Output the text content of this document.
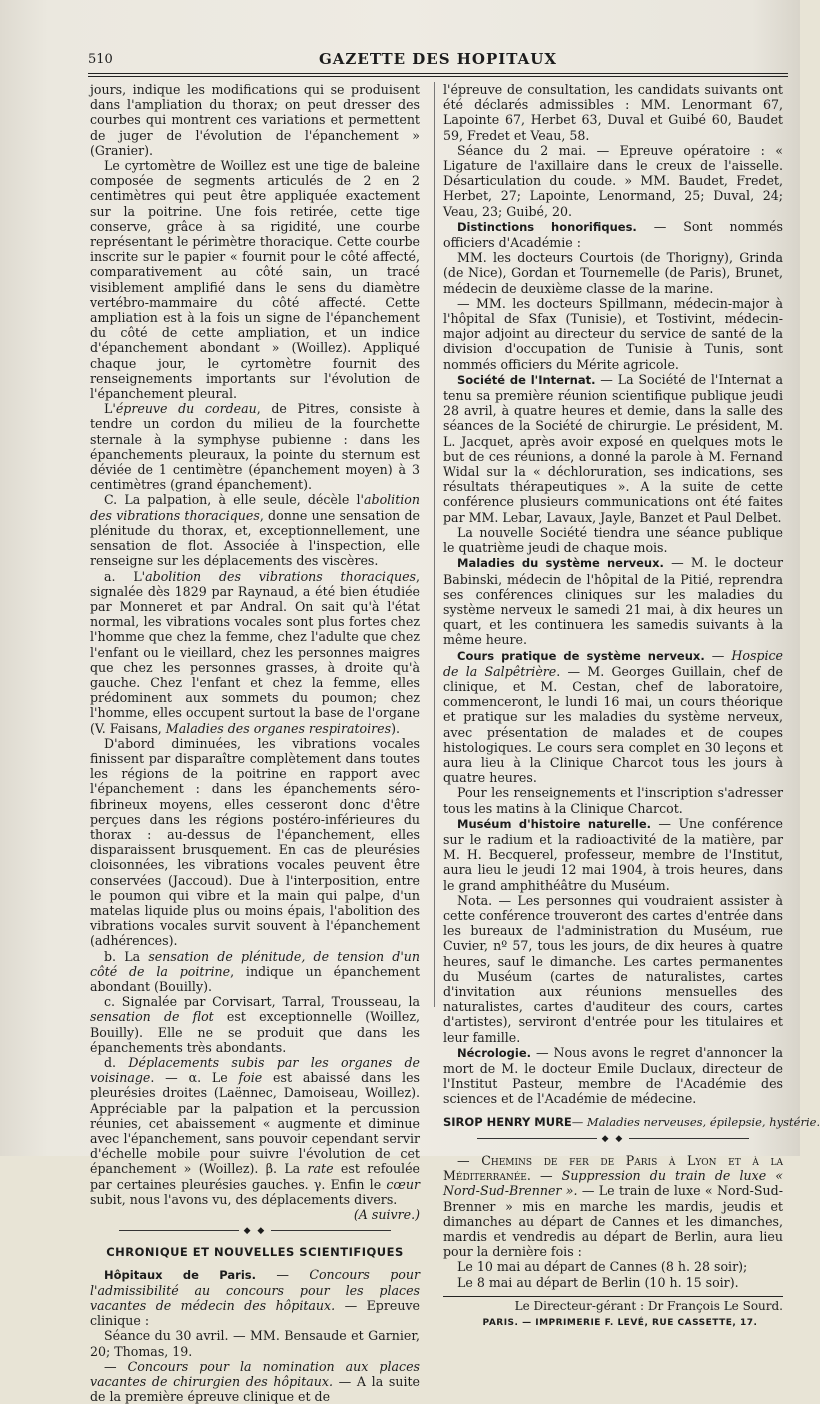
510	GAZETTE DES HOPITAUX

jours, indique les modifications qui se produisent dans l'ampliation du thorax; on peut dresser des courbes qui montrent ces variations et permettent de juger de l'évolution de l'épanchement » (Granier).

Le cyrtomètre de Woillez est une tige de baleine composée de segments articulés de 2 en 2 centimètres qui peut être appliquée exactement sur la poitrine. Une fois retirée, cette tige conserve, grâce à sa rigidité, une courbe représentant le périmètre thoracique. Cette courbe inscrite sur le papier « fournit pour le côté affecté, comparativement au côté sain, un tracé visiblement amplifié dans le sens du diamètre vertébro-mammaire du côté affecté. Cette ampliation est à la fois un signe de l'épanchement du côté de cette ampliation, et un indice d'épanchement abondant » (Woillez). Appliqué chaque jour, le cyrtomètre fournit des renseignements importants sur l'évolution de l'épanchement pleural.

L'épreuve du cordeau, de Pitres, consiste à tendre un cordon du milieu de la fourchette sternale à la symphyse pubienne : dans les épanchements pleuraux, la pointe du sternum est déviée de 1 centimètre (épanchement moyen) à 3 centimètres (grand épanchement).

C. La palpation, à elle seule, décèle l'abolition des vibrations thoraciques, donne une sensation de plénitude du thorax, et, exceptionnellement, une sensation de flot. Associée à l'inspection, elle renseigne sur les déplacements des viscères.

a. L'abolition des vibrations thoraciques, signalée dès 1829 par Raynaud, a été bien étudiée par Monneret et par Andral. On sait qu'à l'état normal, les vibrations vocales sont plus fortes chez l'homme que chez la femme, chez l'adulte que chez l'enfant ou le vieillard, chez les personnes maigres que chez les personnes grasses, à droite qu'à gauche. Chez l'enfant et chez la femme, elles prédominent aux sommets du poumon; chez l'homme, elles occupent surtout la base de l'organe (V. Faisans, Maladies des organes respiratoires).

D'abord diminuées, les vibrations vocales finissent par disparaître complètement dans toutes les régions de la poitrine en rapport avec l'épanchement : dans les épanchements séro-fibrineux moyens, elles cesseront donc d'être perçues dans les régions postéro-inférieures du thorax : au-dessus de l'épanchement, elles disparaissent brusquement. En cas de pleurésies cloisonnées, les vibrations vocales peuvent être conservées (Jaccoud). Due à l'interposition, entre le poumon qui vibre et la main qui palpe, d'un matelas liquide plus ou moins épais, l'abolition des vibrations vocales survit souvent à l'épanchement (adhérences).

b. La sensation de plénitude, de tension d'un côté de la poitrine, indique un épanchement abondant (Bouilly).

c. Signalée par Corvisart, Tarral, Trousseau, la sensation de flot est exceptionnelle (Woillez, Bouilly). Elle ne se produit que dans les épanchements très abondants.

d. Déplacements subis par les organes de voisinage. — α. Le foie est abaissé dans les pleurésies droites (Laënnec, Damoiseau, Woillez). Appréciable par la palpation et la percussion réunies, cet abaissement « augmente et diminue avec l'épanchement, sans pouvoir cependant servir d'échelle mobile pour suivre l'évolution de cet épanchement » (Woillez). β. La rate est refoulée par certaines pleurésies gauches. γ. Enfin le cœur subit, nous l'avons vu, des déplacements divers.

(A suivre.)

◆ ◆
CHRONIQUE ET NOUVELLES SCIENTIFIQUES

Hôpitaux de Paris. — Concours pour l'admissibilité au concours pour les places vacantes de médecin des hôpitaux. — Epreuve clinique :

Séance du 30 avril. — MM. Bensaude et Garnier, 20; Thomas, 19.

— Concours pour la nomination aux places vacantes de chirurgien des hôpitaux. — A la suite de la première épreuve clinique et de

l'épreuve de consultation, les candidats suivants ont été déclarés admissibles : MM. Lenormant 67, Lapointe 67, Herbet 63, Duval et Guibé 60, Baudet 59, Fredet et Veau, 58.

Séance du 2 mai. — Epreuve opératoire : « Ligature de l'axillaire dans le creux de l'aisselle. Désarticulation du coude. » MM. Baudet, Fredet, Herbet, 27; Lapointe, Lenormand, 25; Duval, 24; Veau, 23; Guibé, 20.

Distinctions honorifiques. — Sont nommés officiers d'Académie :

MM. les docteurs Courtois (de Thorigny), Grinda (de Nice), Gordan et Tournemelle (de Paris), Brunet, médecin de deuxième classe de la marine.

— MM. les docteurs Spillmann, médecin-major à l'hôpital de Sfax (Tunisie), et Tostivint, médecin-major adjoint au directeur du service de santé de la division d'occupation de Tunisie à Tunis, sont nommés officiers du Mérite agricole.

Société de l'Internat. — La Société de l'Internat a tenu sa première réunion scientifique publique jeudi 28 avril, à quatre heures et demie, dans la salle des séances de la Société de chirurgie. Le président, M. L. Jacquet, après avoir exposé en quelques mots le but de ces réunions, a donné la parole à M. Fernand Widal sur la « déchloruration, ses indications, ses résultats thérapeutiques ». A la suite de cette conférence plusieurs communications ont été faites par MM. Lebar, Lavaux, Jayle, Banzet et Paul Delbet.

La nouvelle Société tiendra une séance publique le quatrième jeudi de chaque mois.

Maladies du système nerveux. — M. le docteur Babinski, médecin de l'hôpital de la Pitié, reprendra ses conférences cliniques sur les maladies du système nerveux le samedi 21 mai, à dix heures un quart, et les continuera les samedis suivants à la même heure.

Cours pratique de système nerveux. — Hospice de la Salpêtrière. — M. Georges Guillain, chef de clinique, et M. Cestan, chef de laboratoire, commenceront, le lundi 16 mai, un cours théorique et pratique sur les maladies du système nerveux, avec présentation de malades et de coupes histologiques. Le cours sera complet en 30 leçons et aura lieu à la Clinique Charcot tous les jours à quatre heures.

Pour les renseignements et l'inscription s'adresser tous les matins à la Clinique Charcot.

Muséum d'histoire naturelle. — Une conférence sur le radium et la radioactivité de la matière, par M. H. Becquerel, professeur, membre de l'Institut, aura lieu le jeudi 12 mai 1904, à trois heures, dans le grand amphithéâtre du Muséum.

Nota. — Les personnes qui voudraient assister à cette conférence trouveront des cartes d'entrée dans les bureaux de l'administration du Muséum, rue Cuvier, nº 57, tous les jours, de dix heures à quatre heures, sauf le dimanche. Les cartes permanentes du Muséum (cartes de naturalistes, cartes d'invitation aux réunions mensuelles des naturalistes, cartes d'auditeur des cours, cartes d'artistes), serviront d'entrée pour les titulaires et leur famille.

Nécrologie. — Nous avons le regret d'annoncer la mort de M. le docteur Emile Duclaux, directeur de l'Institut Pasteur, membre de l'Académie des sciences et de l'Académie de médecine.

SIROP HENRY MURE— Maladies nerveuses, épilepsie, hystérie.
◆ ◆

— Chemins de fer de Paris à Lyon et à la Méditerranée. — Suppression du train de luxe « Nord-Sud-Brenner ». — Le train de luxe « Nord-Sud-Brenner » mis en marche les mardis, jeudis et dimanches au départ de Cannes et les dimanches, mardis et vendredis au départ de Berlin, aura lieu pour la dernière fois :

Le 10 mai au départ de Cannes (8 h. 28 soir);

Le 8 mai au départ de Berlin (10 h. 15 soir).

Le Directeur-gérant : Dr François Le Sourd.

PARIS. — IMPRIMERIE F. LEVÉ, RUE CASSETTE, 17.
